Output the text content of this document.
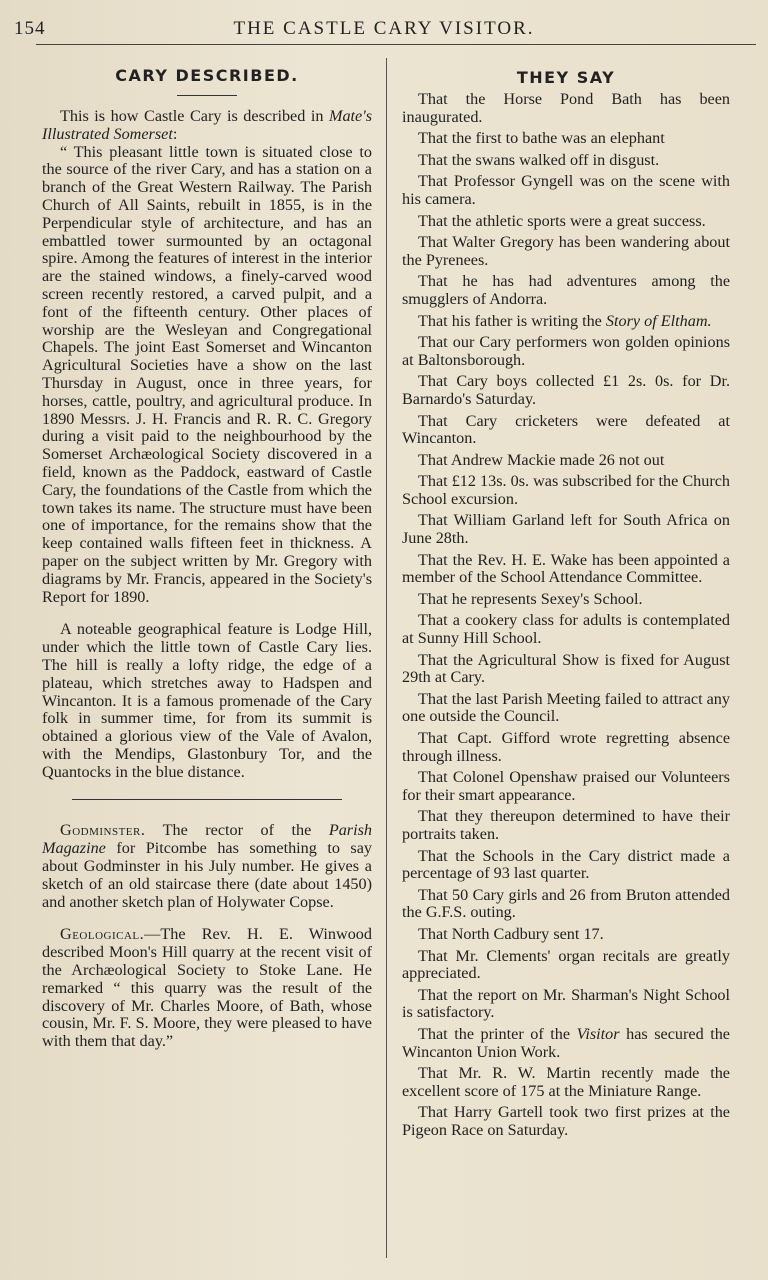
154	THE CASTLE CARY VISITOR.
CARY DESCRIBED.

This is how Castle Cary is described in Mate's Illustrated Somerset:

“ This pleasant little town is situated close to the source of the river Cary, and has a station on a branch of the Great Western Railway. The Parish Church of All Saints, rebuilt in 1855, is in the Perpendicular style of architecture, and has an embattled tower surmounted by an octagonal spire. Among the features of interest in the interior are the stained windows, a finely-carved wood screen recently restored, a carved pulpit, and a font of the fifteenth century. Other places of worship are the Wesleyan and Congregational Chapels. The joint East Somerset and Wincanton Agricultural Societies have a show on the last Thursday in August, once in three years, for horses, cattle, poultry, and agricultural produce. In 1890 Messrs. J. H. Francis and R. R. C. Gregory during a visit paid to the neighbourhood by the Somerset Archæological Society discovered in a field, known as the Paddock, eastward of Castle Cary, the foundations of the Castle from which the town takes its name. The structure must have been one of importance, for the remains show that the keep contained walls fifteen feet in thickness. A paper on the subject written by Mr. Gregory with diagrams by Mr. Francis, appeared in the Society's Report for 1890.

A noteable geographical feature is Lodge Hill, under which the little town of Castle Cary lies. The hill is really a lofty ridge, the edge of a plateau, which stretches away to Hadspen and Wincanton. It is a famous promenade of the Cary folk in summer time, for from its summit is obtained a glorious view of the Vale of Avalon, with the Mendips, Glastonbury Tor, and the Quantocks in the blue distance.

Godminster. The rector of the Parish Magazine for Pitcombe has something to say about Godminster in his July number. He gives a sketch of an old staircase there (date about 1450) and another sketch plan of Holywater Copse.

Geological.—The Rev. H. E. Winwood described Moon's Hill quarry at the recent visit of the Archæological Society to Stoke Lane. He remarked “ this quarry was the result of the discovery of Mr. Charles Moore, of Bath, whose cousin, Mr. F. S. Moore, they were pleased to have with them that day.”

THEY SAY

That the Horse Pond Bath has been inaugurated.

That the first to bathe was an elephant

That the swans walked off in disgust.

That Professor Gyngell was on the scene with his camera.

That the athletic sports were a great success.

That Walter Gregory has been wandering about the Pyrenees.

That he has had adventures among the smugglers of Andorra.

That his father is writing the Story of Eltham.

That our Cary performers won golden opinions at Baltonsborough.

That Cary boys collected £1 2s. 0s. for Dr. Barnardo's Saturday.

That Cary cricketers were defeated at Wincanton.

That Andrew Mackie made 26 not out

That £12 13s. 0s. was subscribed for the Church School excursion.

That William Garland left for South Africa on June 28th.

That the Rev. H. E. Wake has been appointed a member of the School Attendance Committee.

That he represents Sexey's School.

That a cookery class for adults is contemplated at Sunny Hill School.

That the Agricultural Show is fixed for August 29th at Cary.

That the last Parish Meeting failed to attract any one outside the Council.

That Capt. Gifford wrote regretting absence through illness.

That Colonel Openshaw praised our Volunteers for their smart appearance.

That they thereupon determined to have their portraits taken.

That the Schools in the Cary district made a percentage of 93 last quarter.

That 50 Cary girls and 26 from Bruton attended the G.F.S. outing.

That North Cadbury sent 17.

That Mr. Clements' organ recitals are greatly appreciated.

That the report on Mr. Sharman's Night School is satisfactory.

That the printer of the Visitor has secured the Wincanton Union Work.

That Mr. R. W. Martin recently made the excellent score of 175 at the Miniature Range.

That Harry Gartell took two first prizes at the Pigeon Race on Saturday.
